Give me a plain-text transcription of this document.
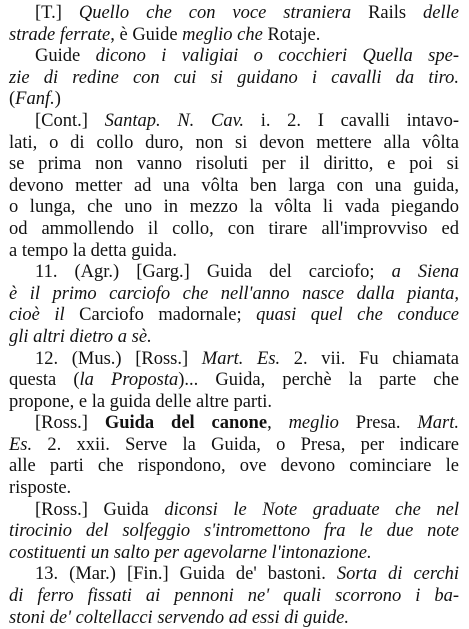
[T.] Quello che con voce straniera Rails delle
strade ferrate, è Guide meglio che Rotaje.
Guide dicono i valigiai o cocchieri Quella spe-
zie di redine con cui si guidano i cavalli da tiro.
(Fanf.)
[Cont.] Santap. N. Cav. i. 2. I cavalli intavo-
lati, o di collo duro, non si devon mettere alla vôlta
se prima non vanno risoluti per il diritto, e poi si
devono metter ad una vôlta ben larga con una guida,
o lunga, che uno in mezzo la vôlta li vada piegando
od ammollendo il collo, con tirare all'improvviso ed
a tempo la detta guida.
11. (Agr.) [Garg.] Guida del carciofo; a Siena
è il primo carciofo che nell'anno nasce dalla pianta,
cioè il Carciofo madornale; quasi quel che conduce
gli altri dietro a sè.
12. (Mus.) [Ross.] Mart. Es. 2. vii. Fu chiamata
questa (la Proposta)... Guida, perchè la parte che
propone, e la guida delle altre parti.
[Ross.] Guida del canone, meglio Presa. Mart.
Es. 2. xxii. Serve la Guida, o Presa, per indicare
alle parti che rispondono, ove devono cominciare le
risposte.
[Ross.] Guida diconsi le Note graduate che nel
tirocinio del solfeggio s'intromettono fra le due note
costituenti un salto per agevolarne l'intonazione.
13. (Mar.) [Fin.] Guida de' bastoni. Sorta di cerchi
di ferro fissati ai pennoni ne' quali scorrono i ba-
stoni de' coltellacci servendo ad essi di guide.
